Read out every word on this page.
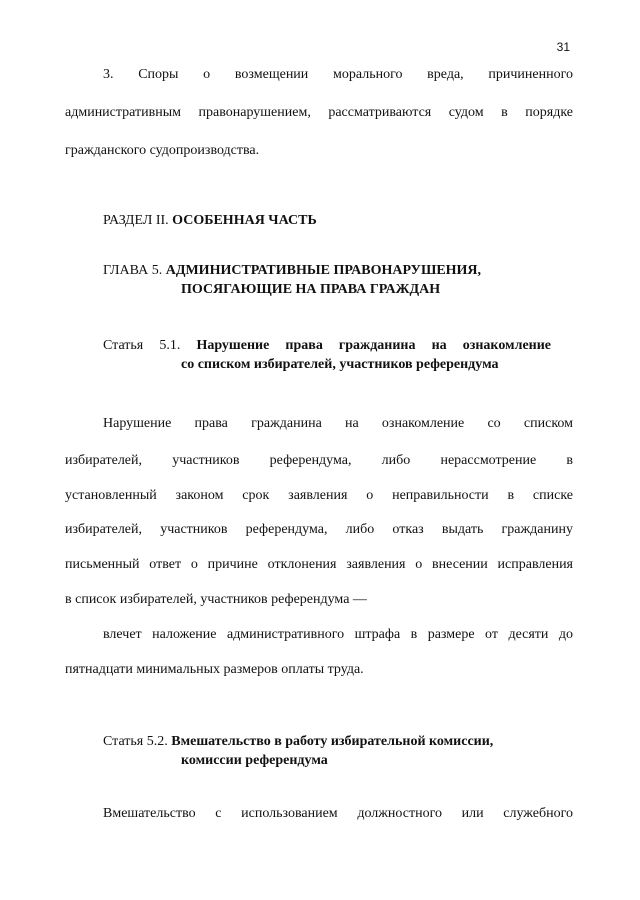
31
3. Споры о возмещении морального вреда, причиненного
административным правонарушением, рассматриваются судом в порядке
гражданского судопроизводства.
РАЗДЕЛ II. ОСОБЕННАЯ ЧАСТЬ
ГЛАВА 5. АДМИНИСТРАТИВНЫЕ ПРАВОНАРУШЕНИЯ,
ПОСЯГАЮЩИЕ НА ПРАВА ГРАЖДАН
Статья 5.1. Нарушение права гражданина на ознакомление
со списком избирателей, участников референдума
Нарушение права гражданина на ознакомление со списком
избирателей, участников референдума, либо нерассмотрение в
установленный законом срок заявления о неправильности в списке
избирателей, участников референдума, либо отказ выдать гражданину
письменный ответ о причине отклонения заявления о внесении исправления
в список избирателей, участников референдума —
влечет наложение административного штрафа в размере от десяти до
пятнадцати минимальных размеров оплаты труда.
Статья 5.2. Вмешательство в работу избирательной комиссии,
комиссии референдума
Вмешательство с использованием должностного или служебного
